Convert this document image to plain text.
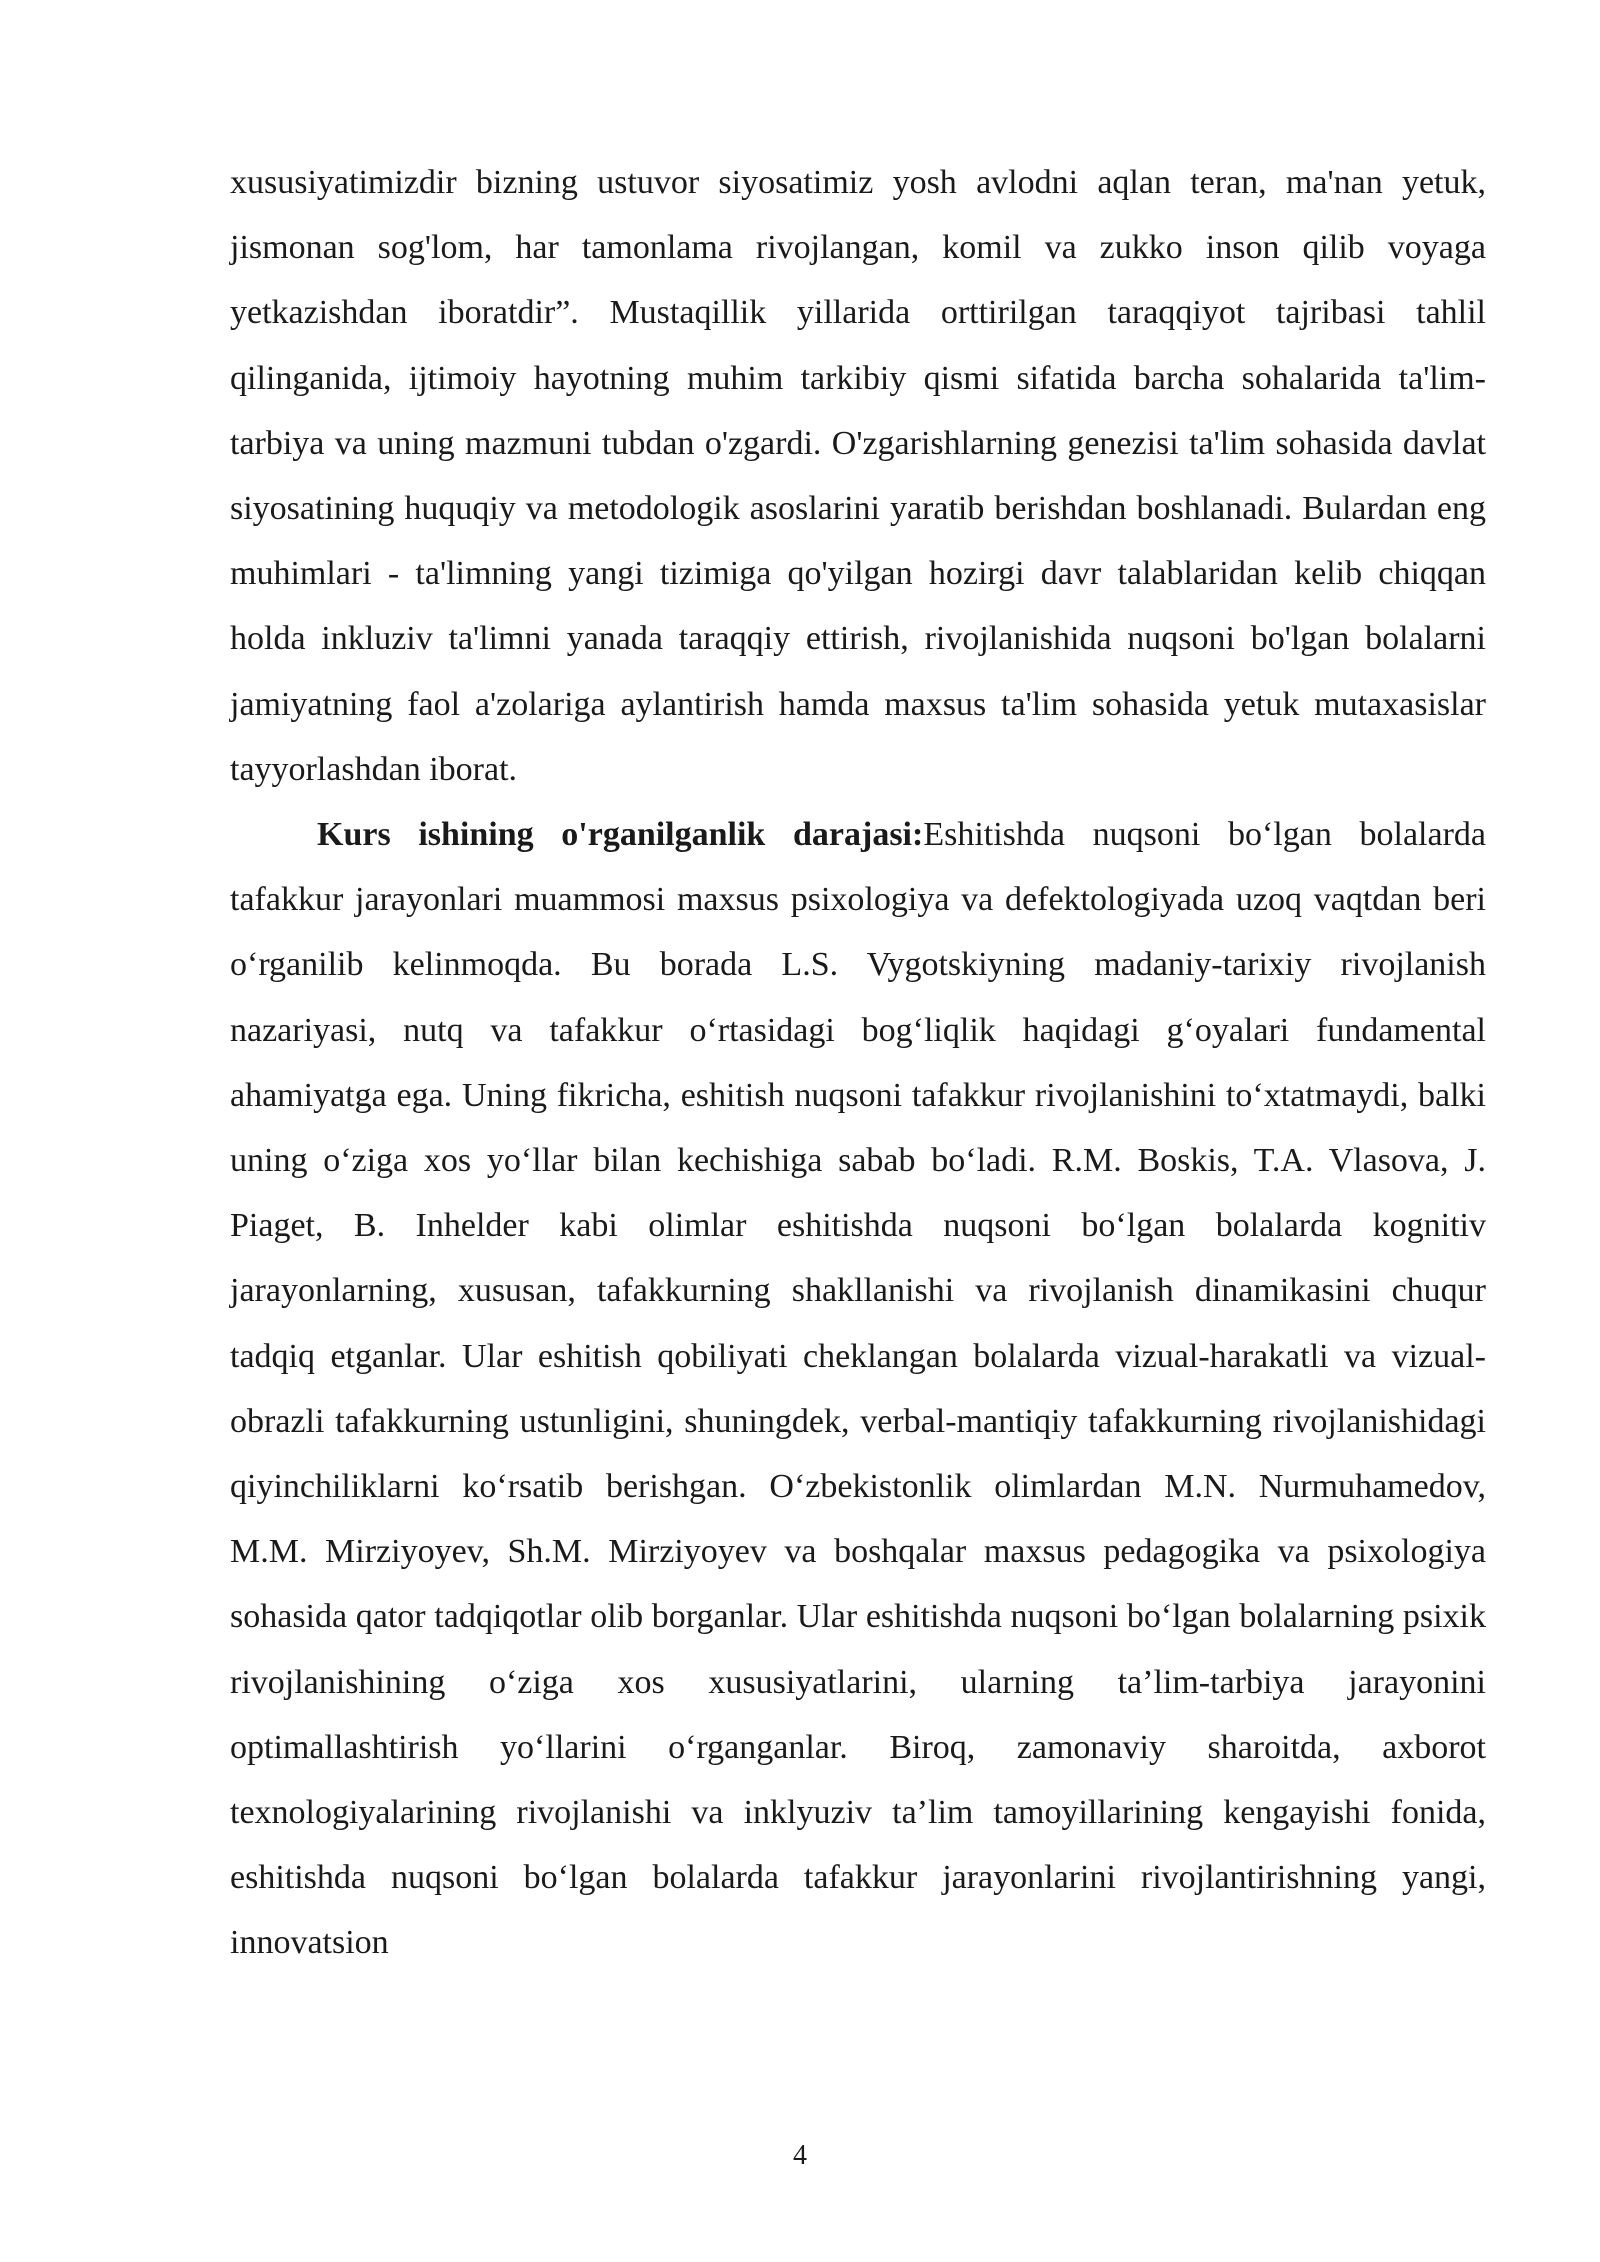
xususiyatimizdir bizning ustuvor siyosatimiz yosh avlodni aqlan teran, ma'nan yetuk, jismonan sog'lom, har tamonlama rivojlangan, komil va zukko inson qilib voyaga yetkazishdan iboratdir”. Mustaqillik yillarida orttirilgan taraqqiyot tajribasi tahlil qilinganida, ijtimoiy hayotning muhim tarkibiy qismi sifatida barcha sohalarida ta'lim-tarbiya va uning mazmuni tubdan o'zgardi. O'zgarishlarning genezisi ta'lim sohasida davlat siyosatining huquqiy va metodologik asoslarini yaratib berishdan boshlanadi. Bulardan eng muhimlari - ta'limning yangi tizimiga qo'yilgan hozirgi davr talablaridan kelib chiqqan holda inkluziv ta'limni yanada taraqqiy ettirish, rivojlanishida nuqsoni bo'lgan bolalarni jamiyatning faol a'zolariga aylantirish hamda maxsus ta'lim sohasida yetuk mutaxasislar tayyorlashdan iborat.

Kurs ishining o'rganilganlik darajasi:Eshitishda nuqsoni bo‘lgan bolalarda tafakkur jarayonlari muammosi maxsus psixologiya va defektologiyada uzoq vaqtdan beri o‘rganilib kelinmoqda. Bu borada L.S. Vygotskiyning madaniy-tarixiy rivojlanish nazariyasi, nutq va tafakkur o‘rtasidagi bog‘liqlik haqidagi g‘oyalari fundamental ahamiyatga ega. Uning fikricha, eshitish nuqsoni tafakkur rivojlanishini to‘xtatmaydi, balki uning o‘ziga xos yo‘llar bilan kechishiga sabab bo‘ladi. R.M. Boskis, T.A. Vlasova, J. Piaget, B. Inhelder kabi olimlar eshitishda nuqsoni bo‘lgan bolalarda kognitiv jarayonlarning, xususan, tafakkurning shakllanishi va rivojlanish dinamikasini chuqur tadqiq etganlar. Ular eshitish qobiliyati cheklangan bolalarda vizual-harakatli va vizual-obrazli tafakkurning ustunligini, shuningdek, verbal-mantiqiy tafakkurning rivojlanishidagi qiyinchiliklarni ko‘rsatib berishgan. O‘zbekistonlik olimlardan M.N. Nurmuhamedov, M.M. Mirziyoyev, Sh.M. Mirziyoyev va boshqalar maxsus pedagogika va psixologiya sohasida qator tadqiqotlar olib borganlar. Ular eshitishda nuqsoni bo‘lgan bolalarning psixik rivojlanishining o‘ziga xos xususiyatlarini, ularning ta’lim-tarbiya jarayonini optimallashtirish yo‘llarini o‘rganganlar. Biroq, zamonaviy sharoitda, axborot texnologiyalarining rivojlanishi va inklyuziv ta’lim tamoyillarining kengayishi fonida, eshitishda nuqsoni bo‘lgan bolalarda tafakkur jarayonlarini rivojlantirishning yangi, innovatsion

4
